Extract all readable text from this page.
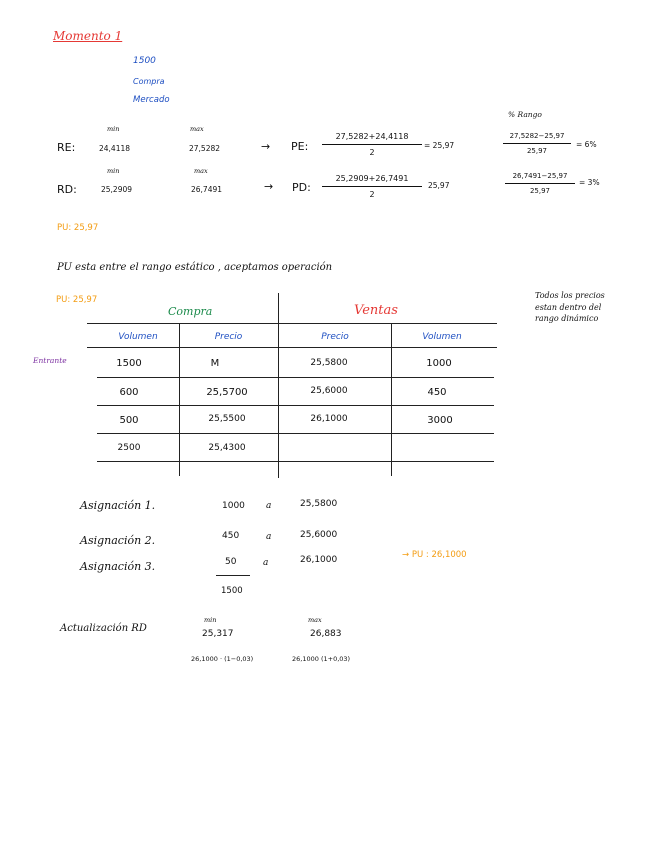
Momento 1
1500
Compra
Mercado
% Rango
min	max
RE:	24,4118	27,5282	→ PE:
27,5282+24,4118
2
= 25,97
27,5282−25,97
25,97
= 6%
min	max
RD:	25,2909	26,7491	→ PD:
25,2909+26,7491
2
25,97
26,7491−25,97
25,97
= 3%
PU: 25,97
PU esta entre el rango estático , aceptamos operación
PU: 25,97	Todos los precios
estan dentro del
rango dinámico
Compra	Ventas
Volumen	Precio	Precio	Volumen
Entrante	1500	M	25,5800	1000
600	25,5700	25,6000	450
500	25,5500	26,1000	3000
2500	25,4300
Asignación 1.	1000 a	25,5800
Asignación 2.	450	a	25,6000
Asignación 3.	50	a	26,1000
1500
→ PU : 26,1000
min	max
Actualización RD	25,317	26,883
26,1000 · (1−0,03)	26,1000 (1+0,03)
